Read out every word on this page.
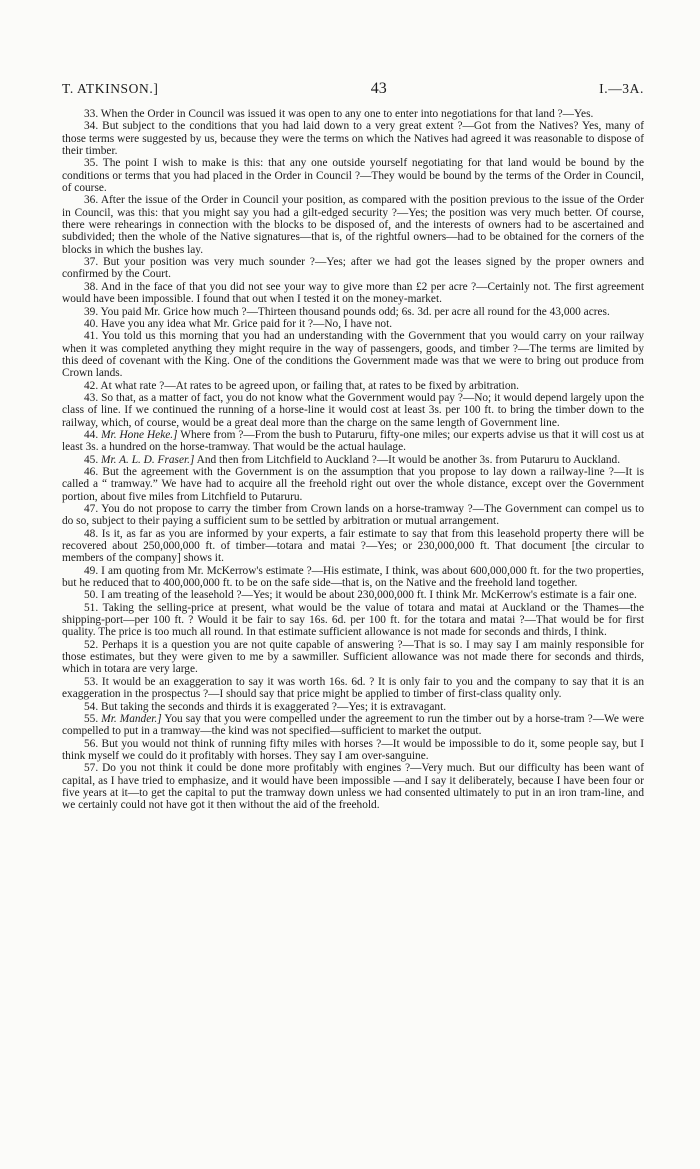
T. ATKINSON.]	43	I.—3A.

33. When the Order in Council was issued it was open to any one to enter into negotiations for that land ?—Yes.

34. But subject to the conditions that you had laid down to a very great extent ?—Got from the Natives? Yes, many of those terms were suggested by us, because they were the terms on which the Natives had agreed it was reasonable to dispose of their timber.

35. The point I wish to make is this: that any one outside yourself negotiating for that land would be bound by the conditions or terms that you had placed in the Order in Council ?—They would be bound by the terms of the Order in Council, of course.

36. After the issue of the Order in Council your position, as compared with the position previous to the issue of the Order in Council, was this: that you might say you had a gilt-edged security ?—Yes; the position was very much better. Of course, there were rehearings in connection with the blocks to be disposed of, and the interests of owners had to be ascertained and subdivided; then the whole of the Native signatures—that is, of the rightful owners—had to be obtained for the corners of the blocks in which the bushes lay.

37. But your position was very much sounder ?—Yes; after we had got the leases signed by the proper owners and confirmed by the Court.

38. And in the face of that you did not see your way to give more than £2 per acre ?—Certainly not. The first agreement would have been impossible. I found that out when I tested it on the money-market.

39. You paid Mr. Grice how much ?—Thirteen thousand pounds odd; 6s. 3d. per acre all round for the 43,000 acres.

40. Have you any idea what Mr. Grice paid for it ?—No, I have not.

41. You told us this morning that you had an understanding with the Government that you would carry on your railway when it was completed anything they might require in the way of passengers, goods, and timber ?—The terms are limited by this deed of covenant with the King. One of the conditions the Government made was that we were to bring out produce from Crown lands.

42. At what rate ?—At rates to be agreed upon, or failing that, at rates to be fixed by arbitration.

43. So that, as a matter of fact, you do not know what the Government would pay ?—No; it would depend largely upon the class of line. If we continued the running of a horse-line it would cost at least 3s. per 100 ft. to bring the timber down to the railway, which, of course, would be a great deal more than the charge on the same length of Government line.

44. Mr. Hone Heke.] Where from ?—From the bush to Putaruru, fifty-one miles; our experts advise us that it will cost us at least 3s. a hundred on the horse-tramway. That would be the actual haulage.

45. Mr. A. L. D. Fraser.] And then from Litchfield to Auckland ?—It would be another 3s. from Putaruru to Auckland.

46. But the agreement with the Government is on the assumption that you propose to lay down a railway-line ?—It is called a “ tramway.” We have had to acquire all the freehold right out over the whole distance, except over the Government portion, about five miles from Litchfield to Putaruru.

47. You do not propose to carry the timber from Crown lands on a horse-tramway ?—The Government can compel us to do so, subject to their paying a sufficient sum to be settled by arbitration or mutual arrangement.

48. Is it, as far as you are informed by your experts, a fair estimate to say that from this leasehold property there will be recovered about 250,000,000 ft. of timber—totara and matai ?—Yes; or 230,000,000 ft. That document [the circular to members of the company] shows it.

49. I am quoting from Mr. McKerrow's estimate ?—His estimate, I think, was about 600,000,000 ft. for the two properties, but he reduced that to 400,000,000 ft. to be on the safe side—that is, on the Native and the freehold land together.

50. I am treating of the leasehold ?—Yes; it would be about 230,000,000 ft. I think Mr. McKerrow's estimate is a fair one.

51. Taking the selling-price at present, what would be the value of totara and matai at Auckland or the Thames—the shipping-port—per 100 ft. ? Would it be fair to say 16s. 6d. per 100 ft. for the totara and matai ?—That would be for first quality. The price is too much all round. In that estimate sufficient allowance is not made for seconds and thirds, I think.

52. Perhaps it is a question you are not quite capable of answering ?—That is so. I may say I am mainly responsible for those estimates, but they were given to me by a sawmiller. Sufficient allowance was not made there for seconds and thirds, which in totara are very large.

53. It would be an exaggeration to say it was worth 16s. 6d. ? It is only fair to you and the company to say that it is an exaggeration in the prospectus ?—I should say that price might be applied to timber of first-class quality only.

54. But taking the seconds and thirds it is exaggerated ?—Yes; it is extravagant.

55. Mr. Mander.] You say that you were compelled under the agreement to run the timber out by a horse-tram ?—We were compelled to put in a tramway—the kind was not specified—sufficient to market the output.

56. But you would not think of running fifty miles with horses ?—It would be impossible to do it, some people say, but I think myself we could do it profitably with horses. They say I am over-sanguine.

57. Do you not think it could be done more profitably with engines ?—Very much. But our difficulty has been want of capital, as I have tried to emphasize, and it would have been impossible —and I say it deliberately, because I have been four or five years at it—to get the capital to put the tramway down unless we had consented ultimately to put in an iron tram-line, and we certainly could not have got it then without the aid of the freehold.
